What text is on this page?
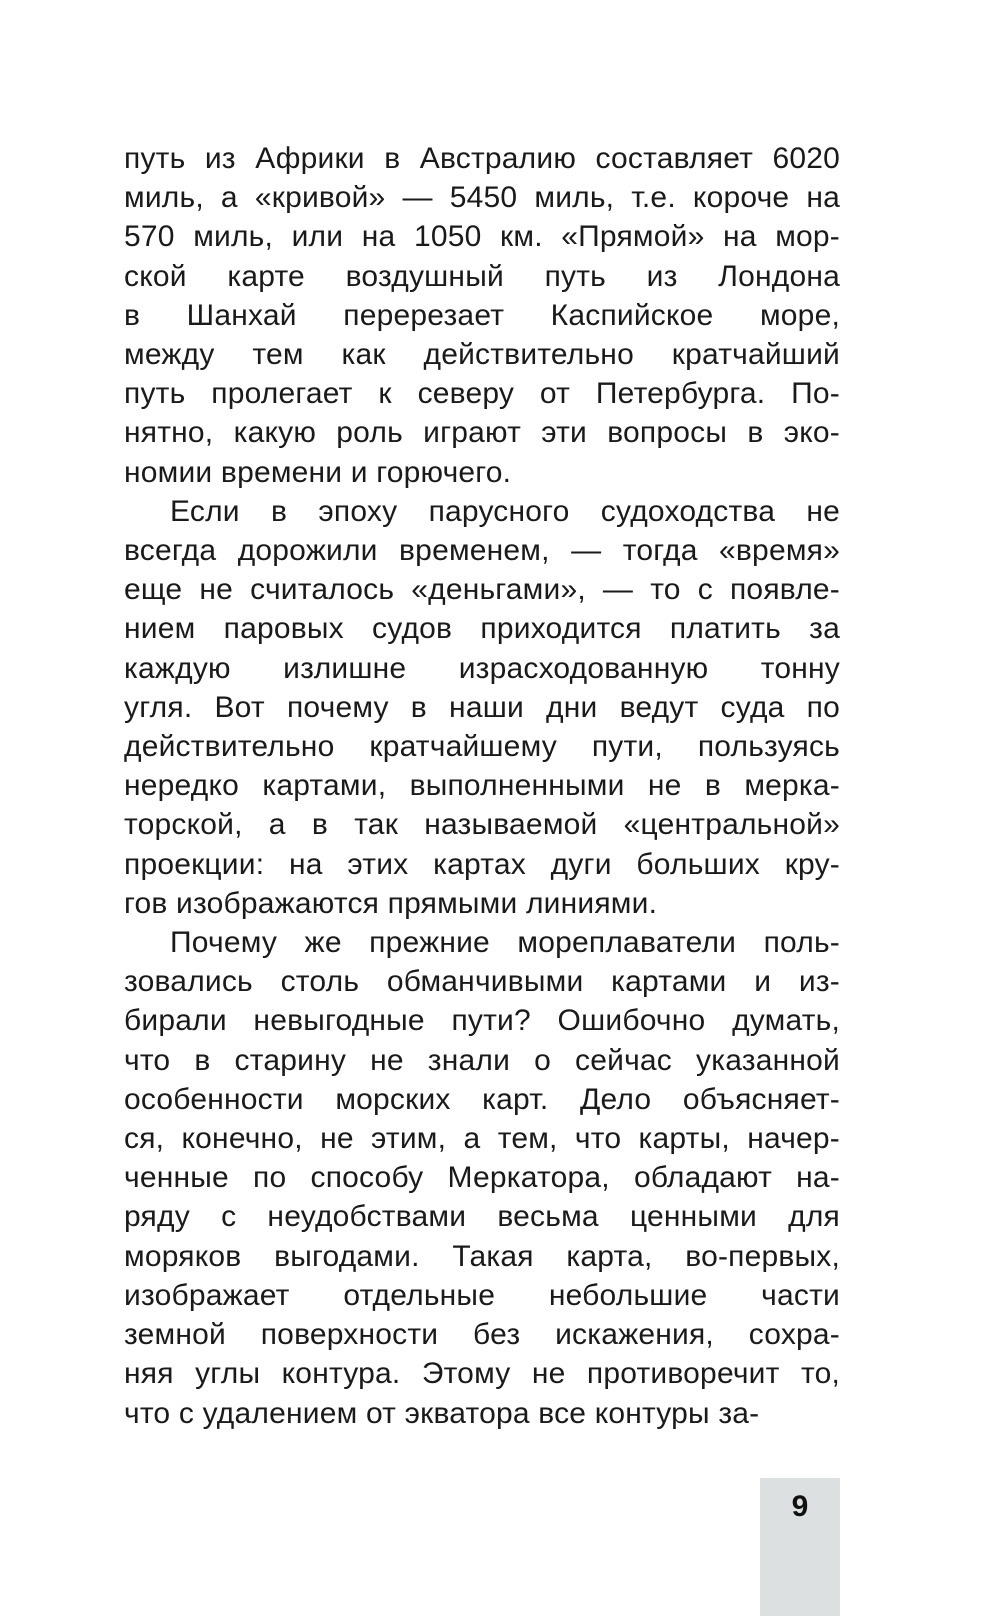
путь из Африки в Австралию составляет 6020
миль, а «кривой» — 5450 миль, т.е. короче на
570 миль, или на 1050 км. «Прямой» на мор-
ской карте воздушный путь из Лондона
в Шанхай перерезает Каспийское море,
между тем как действительно кратчайший
путь пролегает к северу от Петербурга. По-
нятно, какую роль играют эти вопросы в эко-
номии времени и горючего.

Если в эпоху парусного судоходства не
всегда дорожили временем, — тогда «время»
еще не считалось «деньгами», — то с появле-
нием паровых судов приходится платить за
каждую излишне израсходованную тонну
угля. Вот почему в наши дни ведут суда по
действительно кратчайшему пути, пользуясь
нередко картами, выполненными не в мерка-
торской, а в так называемой «центральной»
проекции: на этих картах дуги больших кру-
гов изображаются прямыми линиями.

Почему же прежние мореплаватели поль-
зовались столь обманчивыми картами и из-
бирали невыгодные пути? Ошибочно думать,
что в старину не знали о сейчас указанной
особенности морских карт. Дело объясняет-
ся, конечно, не этим, а тем, что карты, начер-
ченные по способу Меркатора, обладают на-
ряду с неудобствами весьма ценными для
моряков выгодами. Такая карта, во-первых,
изображает отдельные небольшие части
земной поверхности без искажения, сохра-
няя углы контура. Этому не противоречит то,
что с удалением от экватора все контуры за-

9
